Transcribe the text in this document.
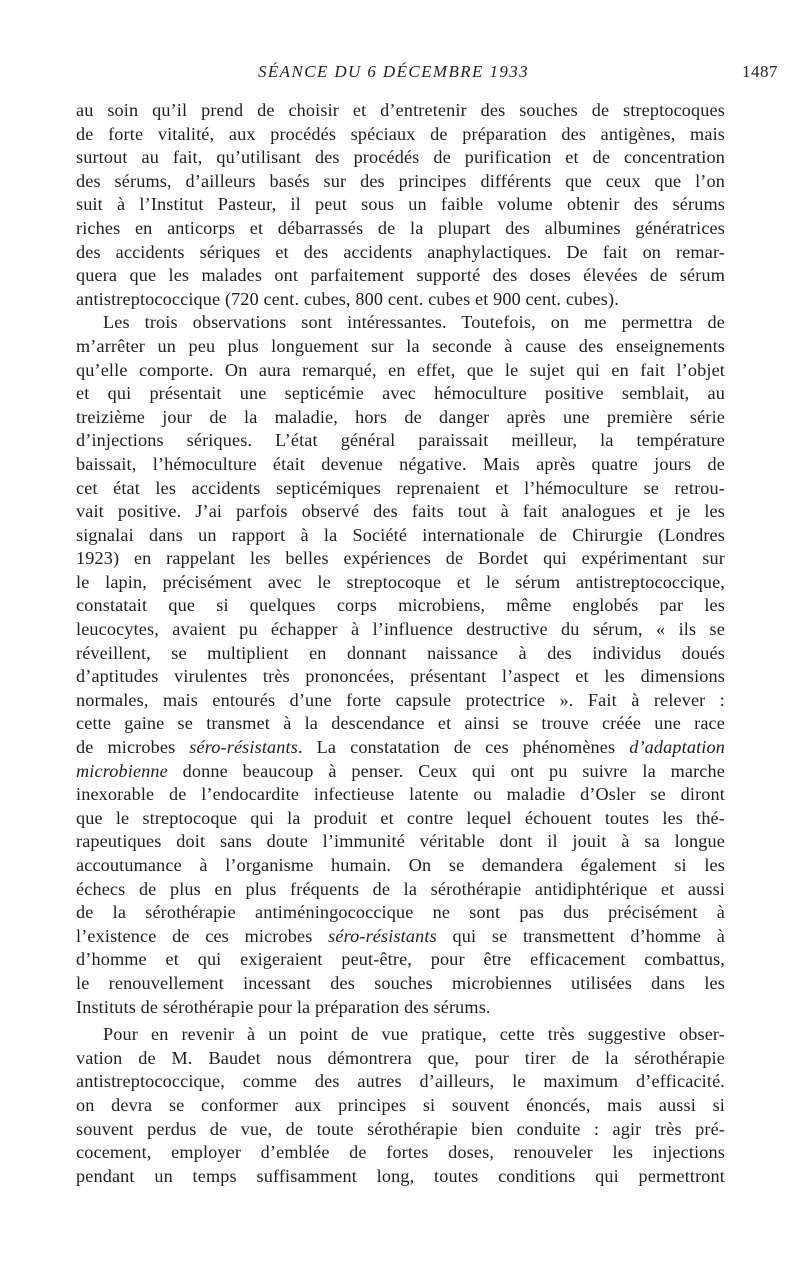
SÉANCE DU 6 DÉCEMBRE 1933	1487
au soin qu’il prend de choisir et d’entretenir des souches de streptocoques
de forte vitalité, aux procédés spéciaux de préparation des antigènes, mais
surtout au fait, qu’utilisant des procédés de purification et de concentration
des sérums, d’ailleurs basés sur des principes différents que ceux que l’on
suit à l’Institut Pasteur, il peut sous un faible volume obtenir des sérums
riches en anticorps et débarrassés de la plupart des albumines génératrices
des accidents sériques et des accidents anaphylactiques. De fait on remar-
quera que les malades ont parfaitement supporté des doses élevées de sérum
antistreptococcique (720 cent. cubes, 800 cent. cubes et 900 cent. cubes).
Les trois observations sont intéressantes. Toutefois, on me permettra de
m’arrêter un peu plus longuement sur la seconde à cause des enseignements
qu’elle comporte. On aura remarqué, en effet, que le sujet qui en fait l’objet
et qui présentait une septicémie avec hémoculture positive semblait, au
treizième jour de la maladie, hors de danger après une première série
d’injections sériques. L’état général paraissait meilleur, la température
baissait, l’hémoculture était devenue négative. Mais après quatre jours de
cet état les accidents septicémiques reprenaient et l’hémoculture se retrou-
vait positive. J’ai parfois observé des faits tout à fait analogues et je les
signalai dans un rapport à la Société internationale de Chirurgie (Londres
1923) en rappelant les belles expériences de Bordet qui expérimentant sur
le lapin, précisément avec le streptocoque et le sérum antistreptococcique,
constatait que si quelques corps microbiens, même englobés par les
leucocytes, avaient pu échapper à l’influence destructive du sérum, « ils se
réveillent, se multiplient en donnant naissance à des individus doués
d’aptitudes virulentes très prononcées, présentant l’aspect et les dimensions
normales, mais entourés d’une forte capsule protectrice ». Fait à relever :
cette gaine se transmet à la descendance et ainsi se trouve créée une race
de microbes séro-résistants. La constatation de ces phénomènes d’adaptation
microbienne donne beaucoup à penser. Ceux qui ont pu suivre la marche
inexorable de l’endocardite infectieuse latente ou maladie d’Osler se diront
que le streptocoque qui la produit et contre lequel échouent toutes les thé-
rapeutiques doit sans doute l’immunité véritable dont il jouit à sa longue
accoutumance à l’organisme humain. On se demandera également si les
échecs de plus en plus fréquents de la sérothérapie antidiphtérique et aussi
de la sérothérapie antiméningococcique ne sont pas dus précisément à
l’existence de ces microbes séro-résistants qui se transmettent d’homme à
d’homme et qui exigeraient peut-être, pour être efficacement combattus,
le renouvellement incessant des souches microbiennes utilisées dans les
Instituts de sérothérapie pour la préparation des sérums.
Pour en revenir à un point de vue pratique, cette très suggestive obser-
vation de M. Baudet nous démontrera que, pour tirer de la sérothérapie
antistreptococcique, comme des autres d’ailleurs, le maximum d’efficacité.
on devra se conformer aux principes si souvent énoncés, mais aussi si
souvent perdus de vue, de toute sérothérapie bien conduite : agir très pré-
cocement, employer d’emblée de fortes doses, renouveler les injections
pendant un temps suffisamment long, toutes conditions qui permettront
